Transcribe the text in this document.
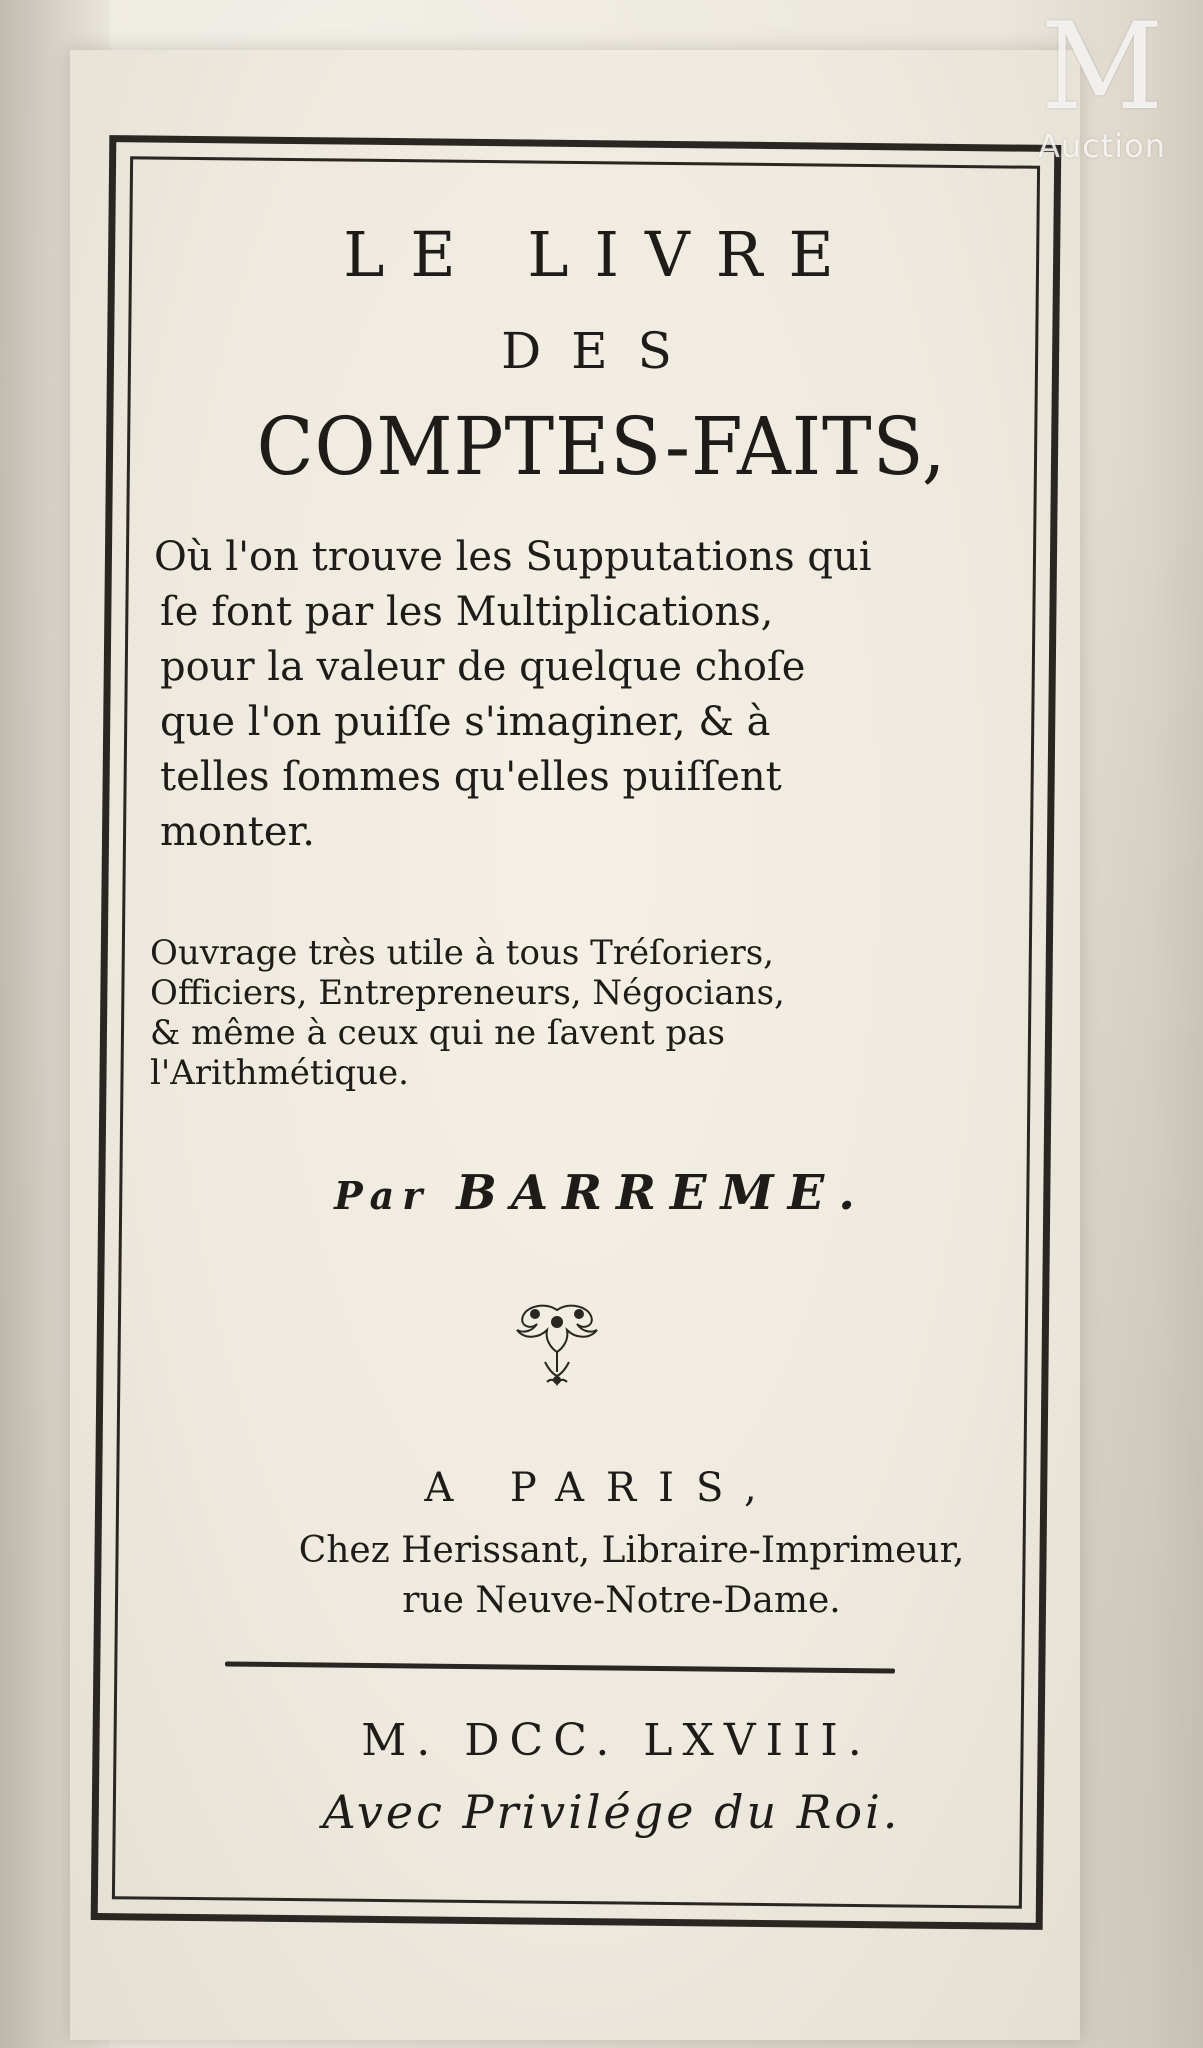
LE LIVRE
DES
COMPTES-FAITS,
Où l'on trouve les Supputations qui
ſe font par les Multiplications,
pour la valeur de quelque choſe
que l'on puiſſe s'imaginer, & à
telles ſommes qu'elles puiſſent
monter.
Ouvrage très utile à tous Tréſoriers,
Officiers, Entrepreneurs, Négocians,
& même à ceux qui ne ſavent pas
l'Arithmétique.
Par BARREME.
A PARIS,
Chez Herissant, Libraire-Imprimeur,
rue Neuve-Notre-Dame.
M. DCC. LXVIII.
Avec Privilége du Roi.
M
Auction
